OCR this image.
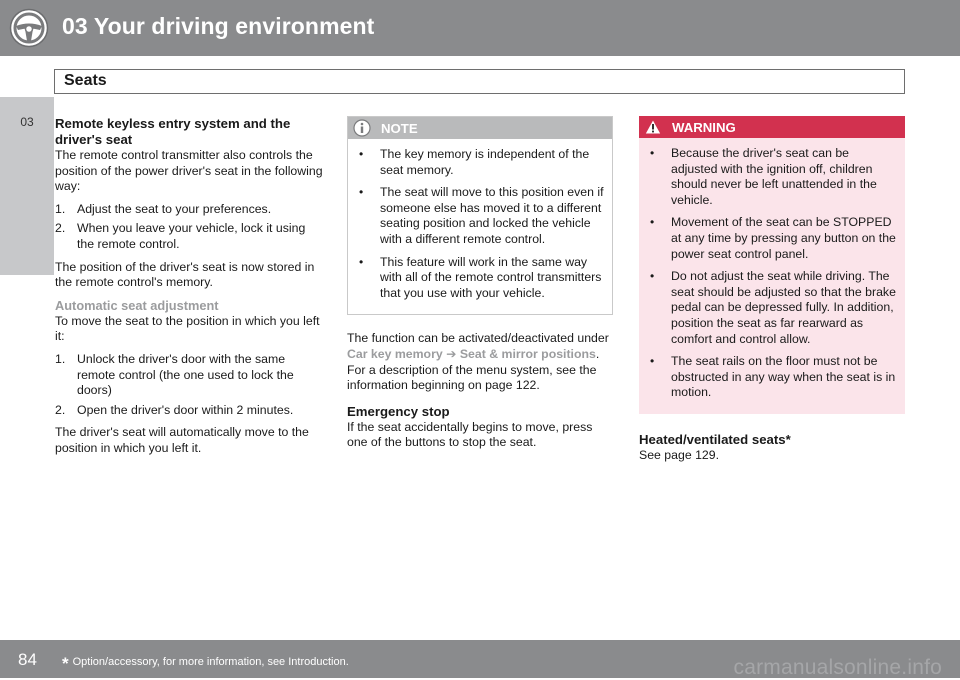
03 Your driving environment
Seats
03	Remote keyless entry system and the driver's seat

The remote control transmitter also controls the position of the power driver's seat in the following way:

1. Adjust the seat to your preferences.
2. When you leave your vehicle, lock it using the remote control.

The position of the driver's seat is now stored in the remote control's memory.

Automatic seat adjustment

To move the seat to the position in which you left it:

1. Unlock the driver's door with the same remote control (the one used to lock the doors)
2. Open the driver's door within 2 minutes.

The driver's seat will automatically move to the position in which you left it.

NOTE
• The key memory is independent of the seat memory.
• The seat will move to this position even if someone else has moved it to a different seating position and locked the vehicle with a different remote control.
• This feature will work in the same way with all of the remote control transmitters that you use with your vehicle.

The function can be activated/deactivated under Car key memory ➔ Seat & mirror positions. For a description of the menu system, see the information beginning on page 122.

Emergency stop

If the seat accidentally begins to move, press one of the buttons to stop the seat.

WARNING
• Because the driver's seat can be adjusted with the ignition off, children should never be left unattended in the vehicle.
• Movement of the seat can be STOPPED at any time by pressing any button on the power seat control panel.
• Do not adjust the seat while driving. The seat should be adjusted so that the brake pedal can be depressed fully. In addition, position the seat as far rearward as comfort and control allow.
• The seat rails on the floor must not be obstructed in any way when the seat is in motion.
Heated/ventilated seats*

See page 129.

84 * Option/accessory, for more information, see Introduction.	carmanualsonline.info
